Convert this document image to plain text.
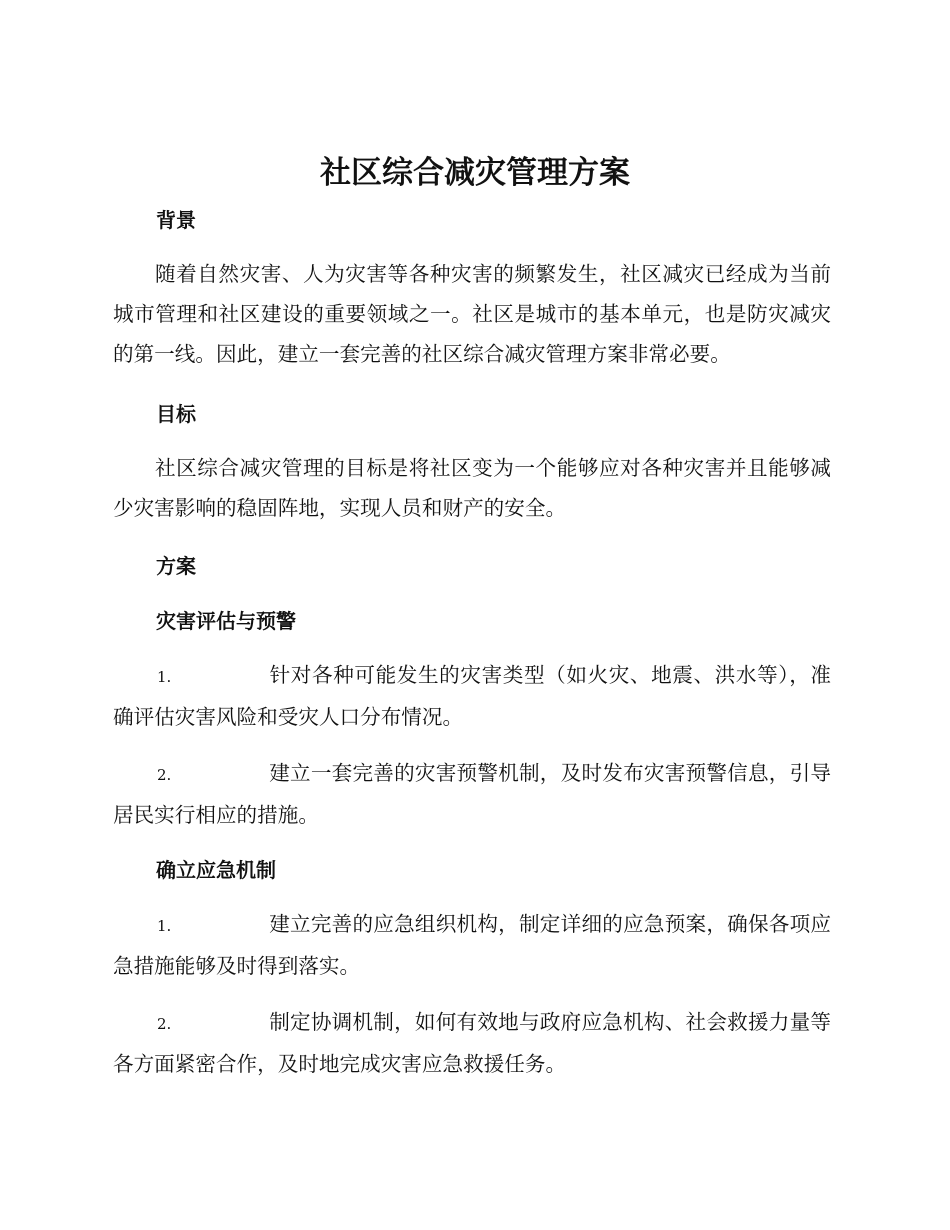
社区综合减灾管理方案
背景
随着自然灾害、人为灾害等各种灾害的频繁发生，社区减灾已经成为当前城市管理和社区建设的重要领域之一。社区是城市的基本单元，也是防灾减灾的第一线。因此，建立一套完善的社区综合减灾管理方案非常必要。
目标
社区综合减灾管理的目标是将社区变为一个能够应对各种灾害并且能够减少灾害影响的稳固阵地，实现人员和财产的安全。
方案
灾害评估与预警
1.	针对各种可能发生的灾害类型（如火灾、地震、洪水等），准确评估灾害风险和受灾人口分布情况。
2.	建立一套完善的灾害预警机制，及时发布灾害预警信息，引导居民实行相应的措施。
确立应急机制
1.	建立完善的应急组织机构，制定详细的应急预案，确保各项应急措施能够及时得到落实。
2.	制定协调机制，如何有效地与政府应急机构、社会救援力量等各方面紧密合作，及时地完成灾害应急救援任务。
